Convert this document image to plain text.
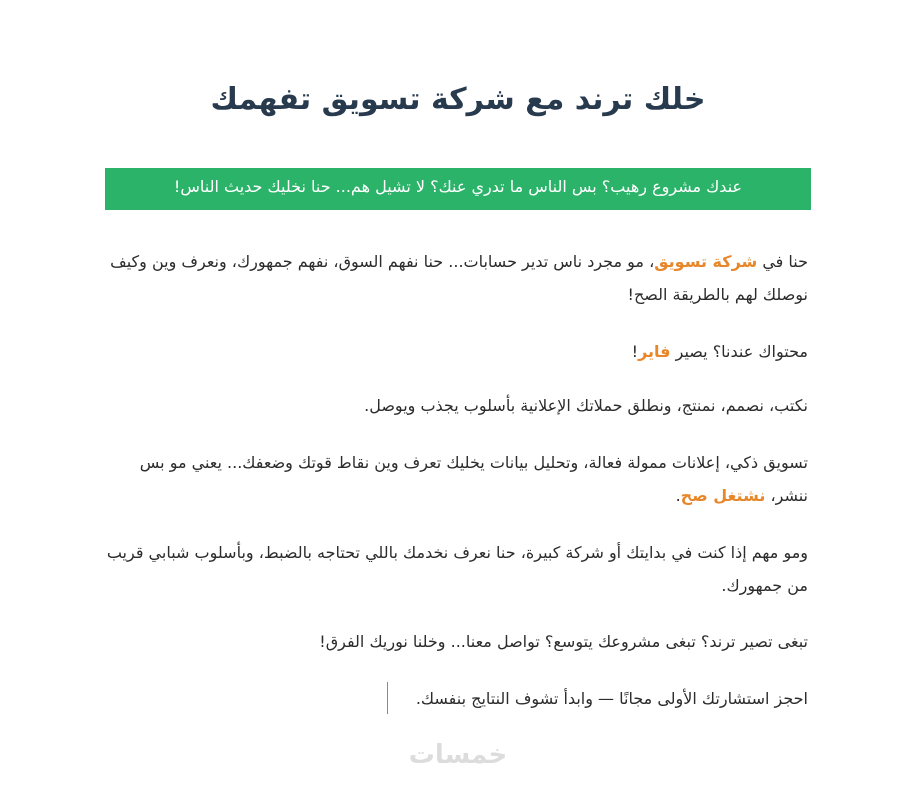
خلك ترند مع شركة تسويق تفهمك
عندك مشروع رهيب؟ بس الناس ما تدري عنك؟ لا تشيل هم... حنا نخليك حديث الناس!

حنا في شركة تسويق، مو مجرد ناس تدير حسابات... حنا نفهم السوق، نفهم جمهورك، ونعرف وين وكيف نوصلك لهم بالطريقة الصح!

محتواك عندنا؟ يصير فاير!

نكتب، نصمم، نمنتج، ونطلق حملاتك الإعلانية بأسلوب يجذب ويوصل.

تسويق ذكي، إعلانات ممولة فعالة، وتحليل بيانات يخليك تعرف وين نقاط قوتك وضعفك... يعني مو بس ننشر، نشتغل صح.

ومو مهم إذا كنت في بدايتك أو شركة كبيرة، حنا نعرف نخدمك باللي تحتاجه بالضبط، وبأسلوب شبابي قريب من جمهورك.

تبغى تصير ترند؟ تبغى مشروعك يتوسع؟ تواصل معنا... وخلنا نوريك الفرق!

احجز استشارتك الأولى مجانًا — وابدأ تشوف النتايج بنفسك.

خمسات
